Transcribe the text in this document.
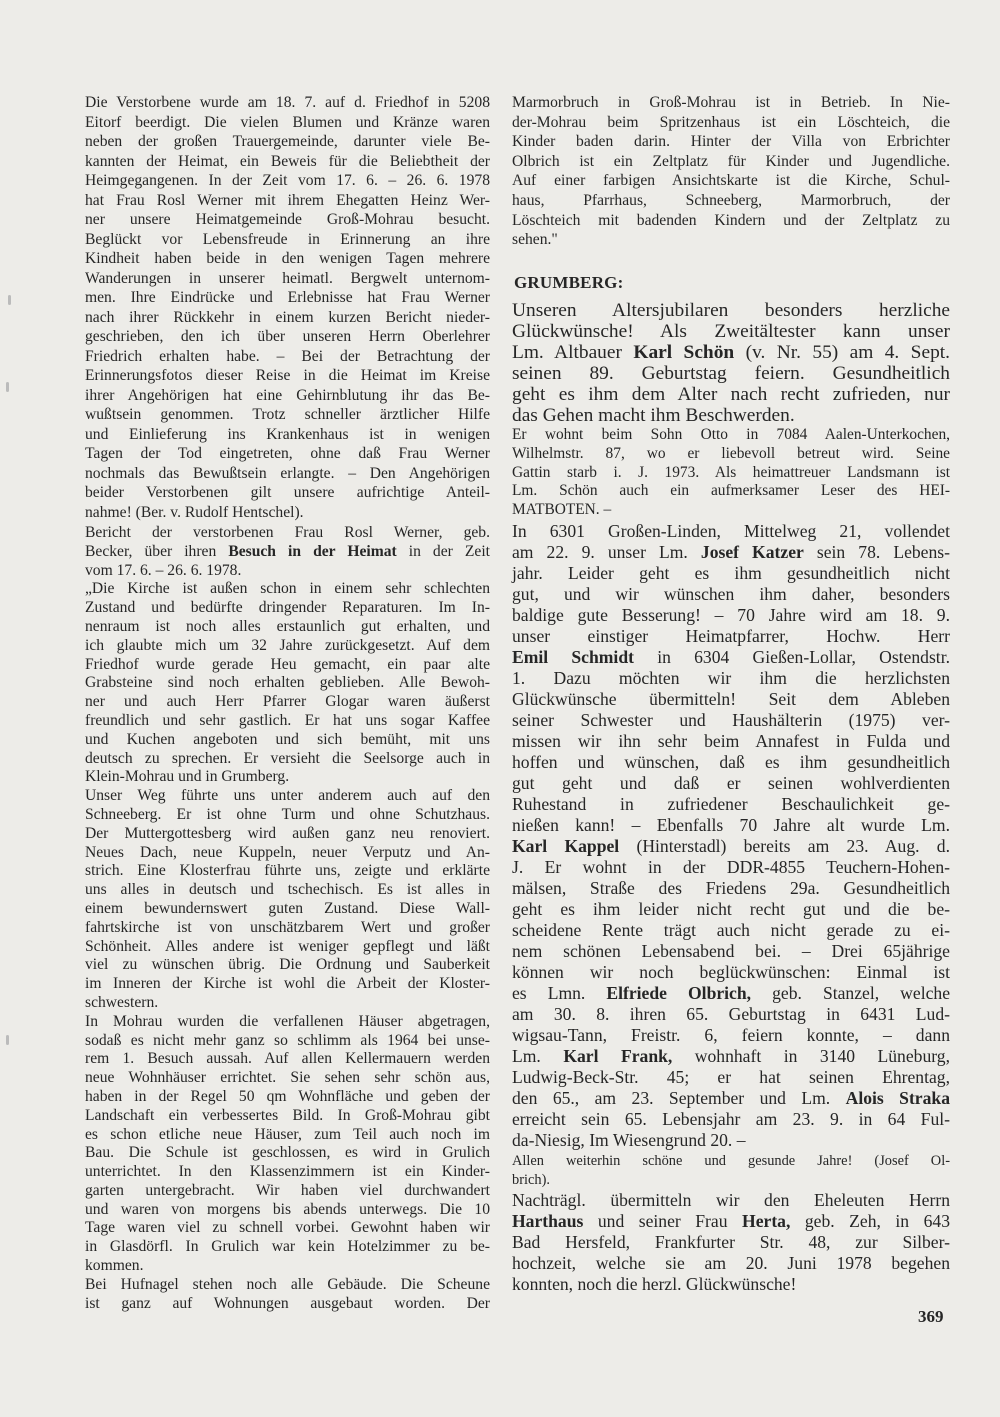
Die Verstorbene wurde am 18. 7. auf d. Friedhof in 5208
Eitorf beerdigt. Die vielen Blumen und Kränze waren
neben der großen Trauergemeinde, darunter viele Be-
kannten der Heimat, ein Beweis für die Beliebtheit der
Heimgegangenen. In der Zeit vom 17. 6. – 26. 6. 1978
hat Frau Rosl Werner mit ihrem Ehegatten Heinz Wer-
ner unsere Heimatgemeinde Groß-Mohrau besucht.
Beglückt vor Lebensfreude in Erinnerung an ihre
Kindheit haben beide in den wenigen Tagen mehrere
Wanderungen in unserer heimatl. Bergwelt unternom-
men. Ihre Eindrücke und Erlebnisse hat Frau Werner
nach ihrer Rückkehr in einem kurzen Bericht nieder-
geschrieben, den ich über unseren Herrn Oberlehrer
Friedrich erhalten habe. – Bei der Betrachtung der
Erinnerungsfotos dieser Reise in die Heimat im Kreise
ihrer Angehörigen hat eine Gehirnblutung ihr das Be-
wußtsein genommen. Trotz schneller ärztlicher Hilfe
und Einlieferung ins Krankenhaus ist in wenigen
Tagen der Tod eingetreten, ohne daß Frau Werner
nochmals das Bewußtsein erlangte. – Den Angehörigen
beider Verstorbenen gilt unsere aufrichtige Anteil-
nahme! (Ber. v. Rudolf Hentschel).
Bericht der verstorbenen Frau Rosl Werner, geb.
Becker, über ihren Besuch in der Heimat in der Zeit
vom 17. 6. – 26. 6. 1978.
„Die Kirche ist außen schon in einem sehr schlechten
Zustand und bedürfte dringender Reparaturen. Im In-
nenraum ist noch alles erstaunlich gut erhalten, und
ich glaubte mich um 32 Jahre zurückgesetzt. Auf dem
Friedhof wurde gerade Heu gemacht, ein paar alte
Grabsteine sind noch erhalten geblieben. Alle Bewoh-
ner und auch Herr Pfarrer Glogar waren äußerst
freundlich und sehr gastlich. Er hat uns sogar Kaffee
und Kuchen angeboten und sich bemüht, mit uns
deutsch zu sprechen. Er versieht die Seelsorge auch in
Klein-Mohrau und in Grumberg.
Unser Weg führte uns unter anderem auch auf den
Schneeberg. Er ist ohne Turm und ohne Schutzhaus.
Der Muttergottesberg wird außen ganz neu renoviert.
Neues Dach, neue Kuppeln, neuer Verputz und An-
strich. Eine Klosterfrau führte uns, zeigte und erklärte
uns alles in deutsch und tschechisch. Es ist alles in
einem bewundernswert guten Zustand. Diese Wall-
fahrtskirche ist von unschätzbarem Wert und großer
Schönheit. Alles andere ist weniger gepflegt und läßt
viel zu wünschen übrig. Die Ordnung und Sauberkeit
im Inneren der Kirche ist wohl die Arbeit der Kloster-
schwestern.
In Mohrau wurden die verfallenen Häuser abgetragen,
sodaß es nicht mehr ganz so schlimm als 1964 bei unse-
rem 1. Besuch aussah. Auf allen Kellermauern werden
neue Wohnhäuser errichtet. Sie sehen sehr schön aus,
haben in der Regel 50 qm Wohnfläche und geben der
Landschaft ein verbessertes Bild. In Groß-Mohrau gibt
es schon etliche neue Häuser, zum Teil auch noch im
Bau. Die Schule ist geschlossen, es wird in Grulich
unterrichtet. In den Klassenzimmern ist ein Kinder-
garten untergebracht. Wir haben viel durchwandert
und waren von morgens bis abends unterwegs. Die 10
Tage waren viel zu schnell vorbei. Gewohnt haben wir
in Glasdörfl. In Grulich war kein Hotelzimmer zu be-
kommen.
Bei Hufnagel stehen noch alle Gebäude. Die Scheune
ist ganz auf Wohnungen ausgebaut worden. Der
Marmorbruch in Groß-Mohrau ist in Betrieb. In Nie-
der-Mohrau beim Spritzenhaus ist ein Löschteich, die
Kinder baden darin. Hinter der Villa von Erbrichter
Olbrich ist ein Zeltplatz für Kinder und Jugendliche.
Auf einer farbigen Ansichtskarte ist die Kirche, Schul-
haus, Pfarrhaus, Schneeberg, Marmorbruch, der
Löschteich mit badenden Kindern und der Zeltplatz zu
sehen."
GRUMBERG:
Unseren Altersjubilaren besonders herzliche
Glückwünsche! Als Zweitältester kann unser
Lm. Altbauer Karl Schön (v. Nr. 55) am 4. Sept.
seinen 89. Geburtstag feiern. Gesundheitlich
geht es ihm dem Alter nach recht zufrieden, nur
das Gehen macht ihm Beschwerden.
Er wohnt beim Sohn Otto in 7084 Aalen-Unterkochen,
Wilhelmstr. 87, wo er liebevoll betreut wird. Seine
Gattin starb i. J. 1973. Als heimattreuer Landsmann ist
Lm. Schön auch ein aufmerksamer Leser des HEI-
MATBOTEN. –
In 6301 Großen-Linden, Mittelweg 21, vollendet
am 22. 9. unser Lm. Josef Katzer sein 78. Lebens-
jahr. Leider geht es ihm gesundheitlich nicht
gut, und wir wünschen ihm daher, besonders
baldige gute Besserung! – 70 Jahre wird am 18. 9.
unser einstiger Heimatpfarrer, Hochw. Herr
Emil Schmidt in 6304 Gießen-Lollar, Ostendstr.
1. Dazu möchten wir ihm die herzlichsten
Glückwünsche übermitteln! Seit dem Ableben
seiner Schwester und Haushälterin (1975) ver-
missen wir ihn sehr beim Annafest in Fulda und
hoffen und wünschen, daß es ihm gesundheitlich
gut geht und daß er seinen wohlverdienten
Ruhestand in zufriedener Beschaulichkeit ge-
nießen kann! – Ebenfalls 70 Jahre alt wurde Lm.
Karl Kappel (Hinterstadl) bereits am 23. Aug. d.
J. Er wohnt in der DDR-4855 Teuchern-Hohen-
mälsen, Straße des Friedens 29a. Gesundheitlich
geht es ihm leider nicht recht gut und die be-
scheidene Rente trägt auch nicht gerade zu ei-
nem schönen Lebensabend bei. – Drei 65jährige
können wir noch beglückwünschen: Einmal ist
es Lmn. Elfriede Olbrich, geb. Stanzel, welche
am 30. 8. ihren 65. Geburtstag in 6431 Lud-
wigsau-Tann, Freistr. 6, feiern konnte, – dann
Lm. Karl Frank, wohnhaft in 3140 Lüneburg,
Ludwig-Beck-Str. 45; er hat seinen Ehrentag,
den 65., am 23. September und Lm. Alois Straka
erreicht sein 65. Lebensjahr am 23. 9. in 64 Ful-
da-Niesig, Im Wiesengrund 20. –
Allen weiterhin schöne und gesunde Jahre! (Josef Ol-
brich).
Nachträgl. übermitteln wir den Eheleuten Herrn
Harthaus und seiner Frau Herta, geb. Zeh, in 643
Bad Hersfeld, Frankfurter Str. 48, zur Silber-
hochzeit, welche sie am 20. Juni 1978 begehen
konnten, noch die herzl. Glückwünsche!
369
